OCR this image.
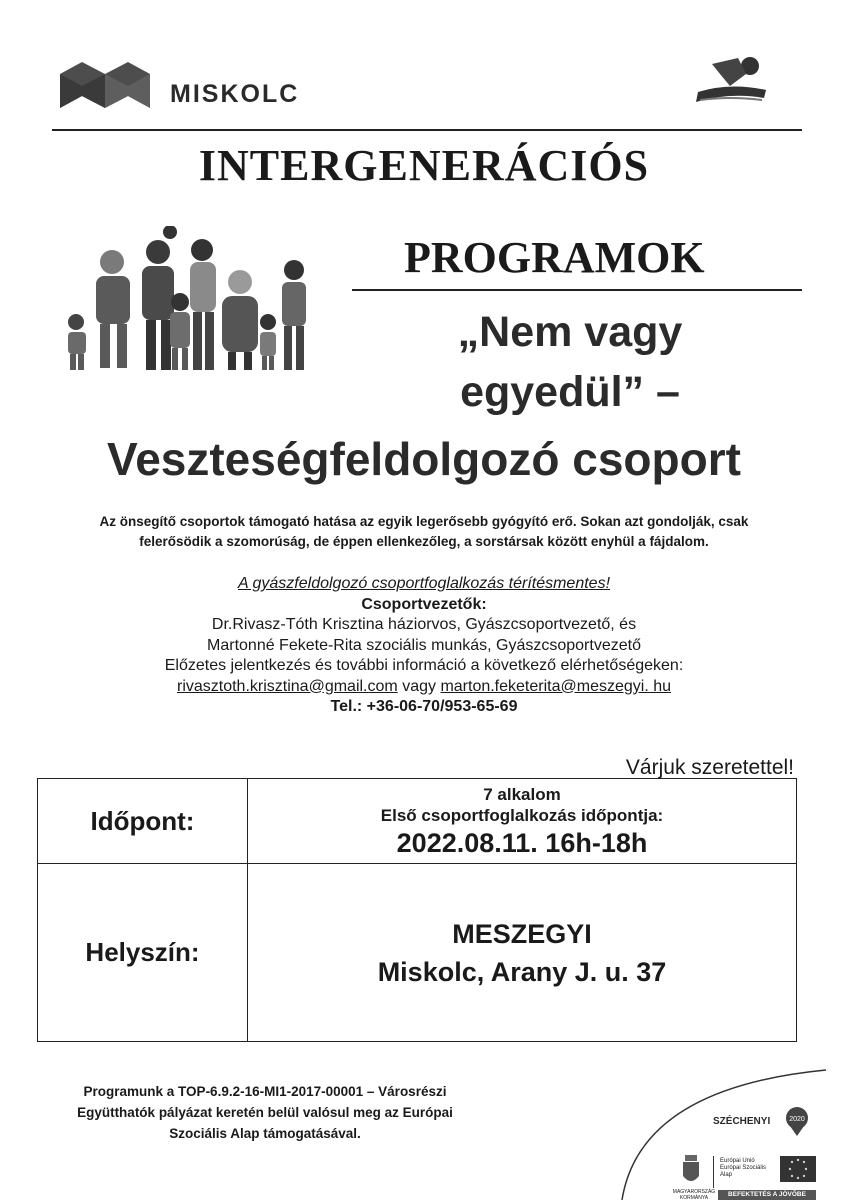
MISKOLC
INTERGENERÁCIÓS
PROGRAMOK
„Nem vagy
egyedül” –
Veszteségfeldolgozó csoport
Az önsegítő csoportok támogató hatása az egyik legerősebb gyógyító erő. Sokan azt gondolják, csak
felerősödik a szomorúság, de éppen ellenkezőleg, a sorstársak között enyhül a fájdalom.
A gyászfeldolgozó csoportfoglalkozás térítésmentes!
Csoportvezetők:
Dr.Rivasz-Tóth Krisztina háziorvos, Gyászcsoportvezető, és
Martonné Fekete-Rita szociális munkás, Gyászcsoportvezető
Előzetes jelentkezés és további információ a következő elérhetőségeken:
rivasztoth.krisztina@gmail.com vagy marton.feketerita@meszegyi. hu
Tel.: +36-06-70/953-65-69
Várjuk szeretettel!
Időpont:	7 alkalom
Első csoportfoglalkozás időpontja:
2022.08.11. 16h-18h

Helyszín:	MESZEGYI
Miskolc, Arany J. u. 37
Programunk a TOP-6.9.2-16-MI1-2017-00001 – Városrészi
Együtthatók pályázat keretén belül valósul meg az Európai
Szociális Alap támogatásával.
SZÉCHENYI	2020
MAGYARORSZÁG KORMÁNYA
Európai Unió
Európai Szociális
Alap
BEFEKTETÉS A JÖVŐBE
